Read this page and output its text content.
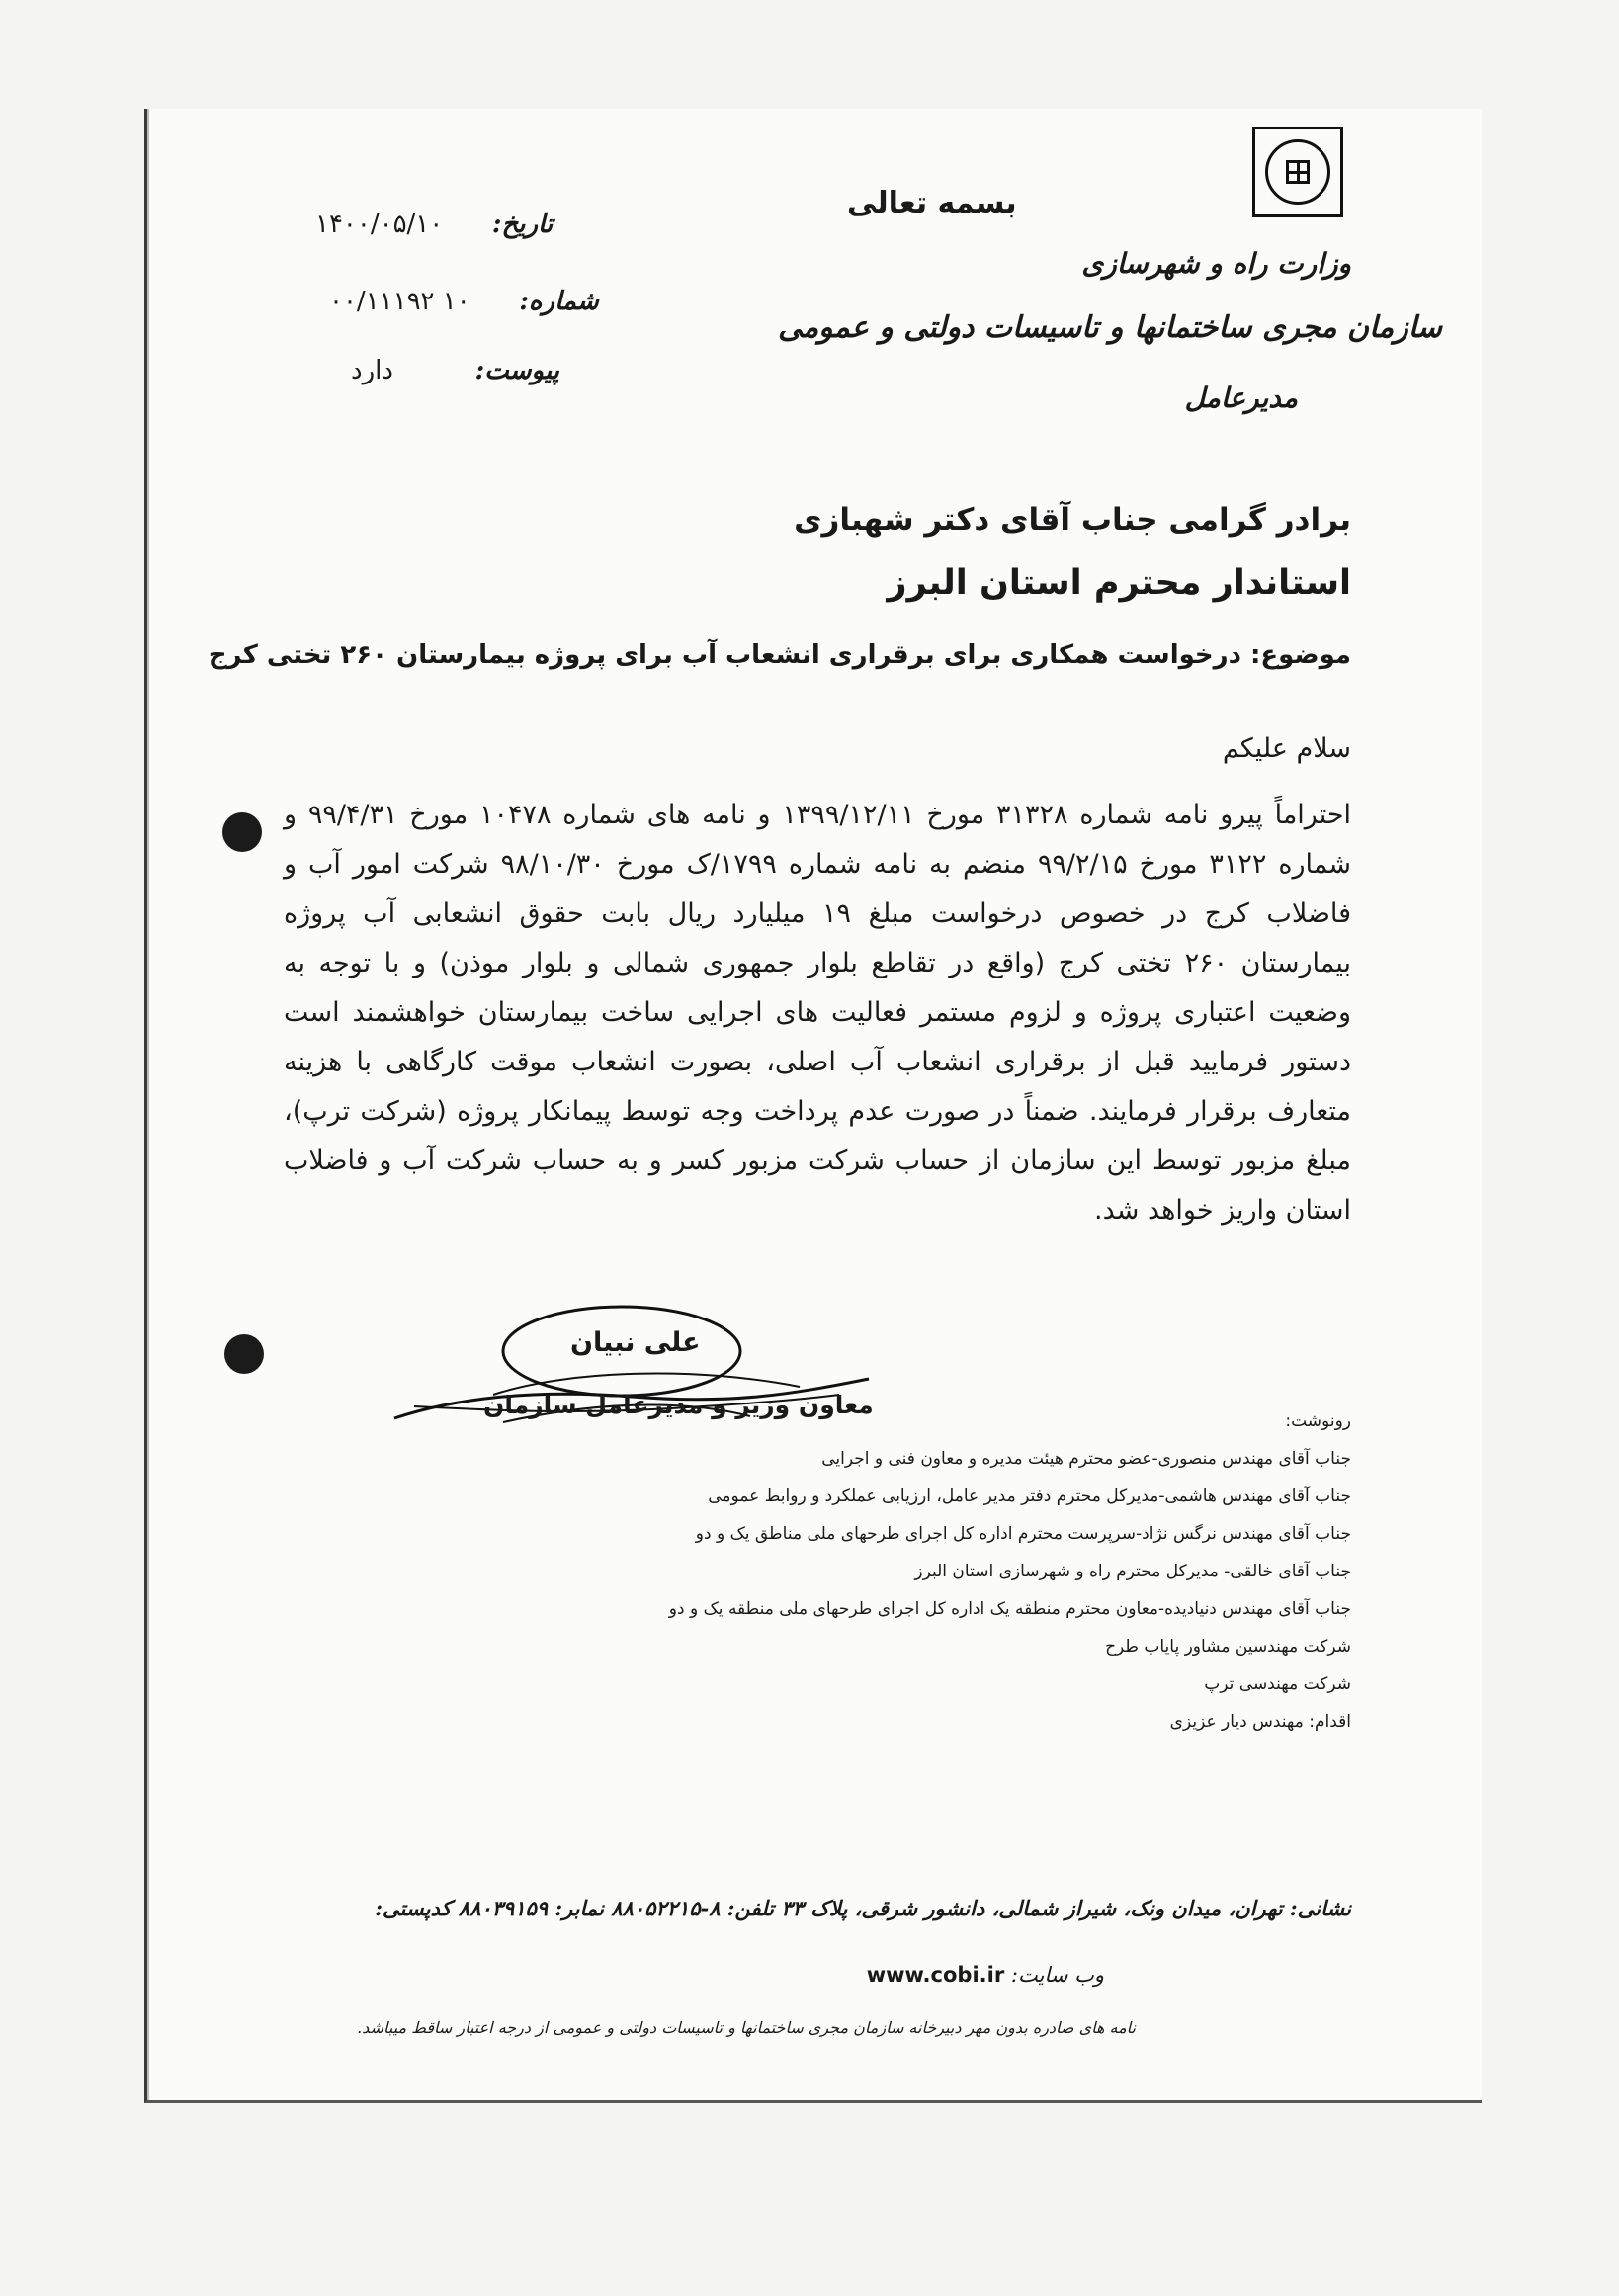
وزارت راه و شهرسازی
سازمان مجری ساختمانها و تاسیسات دولتی و عمومی
مدیرعامل
بسمه تعالی
تاریخ:      ۱۴۰۰/۰۵/۱۰
شماره:      ۱۰ ۰۰/۱۱۱۹۲
پیوست:          دارد
برادر گرامی جناب آقای دکتر شهبازی
استاندار محترم استان البرز
موضوع: درخواست همکاری برای برقراری انشعاب آب برای پروژه بیمارستان ۲۶۰ تختی کرج
سلام علیکم
احتراماً پیرو نامه شماره ۳۱۳۲۸ مورخ ۱۳۹۹/۱۲/۱۱ و نامه های شماره ۱۰۴۷۸ مورخ ۹۹/۴/۳۱ و شماره ۳۱۲۲ مورخ ۹۹/۲/۱۵ منضم به نامه شماره ۱۷۹۹/ک مورخ ۹۸/۱۰/۳۰ شرکت امور آب و فاضلاب کرج در خصوص درخواست مبلغ ۱۹ میلیارد ریال بابت حقوق انشعابی آب پروژه بیمارستان ۲۶۰ تختی کرج (واقع در تقاطع بلوار جمهوری شمالی و بلوار موذن) و با توجه به وضعیت اعتباری پروژه و لزوم مستمر فعالیت های اجرایی ساخت بیمارستان خواهشمند است دستور فرمایید قبل از برقراری انشعاب آب اصلی، بصورت انشعاب موقت کارگاهی با هزینه متعارف برقرار فرمایند. ضمناً در صورت عدم پرداخت وجه توسط پیمانکار پروژه (شرکت ترپ)، مبلغ مزبور توسط این سازمان از حساب شرکت مزبور کسر و به حساب شرکت آب و فاضلاب استان واریز خواهد شد.
علی نبیان
معاون وزیر و مدیرعامل سازمان
رونوشت:
جناب آقای مهندس منصوری-عضو محترم هیئت مدیره و معاون فنی و اجرایی
جناب آقای مهندس هاشمی-مدیرکل محترم دفتر مدیر عامل، ارزیابی عملکرد و روابط عمومی
جناب آقای مهندس نرگس نژاد-سرپرست محترم اداره کل اجرای طرحهای ملی مناطق یک و دو
جناب آقای خالقی- مدیرکل محترم راه و شهرسازی استان البرز
جناب آقای مهندس دنیادیده-معاون محترم منطقه یک اداره کل اجرای طرحهای ملی منطقه یک و دو
شرکت مهندسین مشاور پایاب طرح
شرکت مهندسی ترپ
اقدام: مهندس دیار عزیزی
نشانی: تهران، میدان ونک، شیراز شمالی، دانشور شرقی، پلاک ۳۳ تلفن: ۸-۸۸۰۵۲۲۱۵ نمابر: ۸۸۰۳۹۱۵۹ کدپستی:
وب سایت: www.cobi.ir
نامه های صادره بدون مهر دبیرخانه سازمان مجری ساختمانها و تاسیسات دولتی و عمومی از درجه اعتبار ساقط میباشد.
